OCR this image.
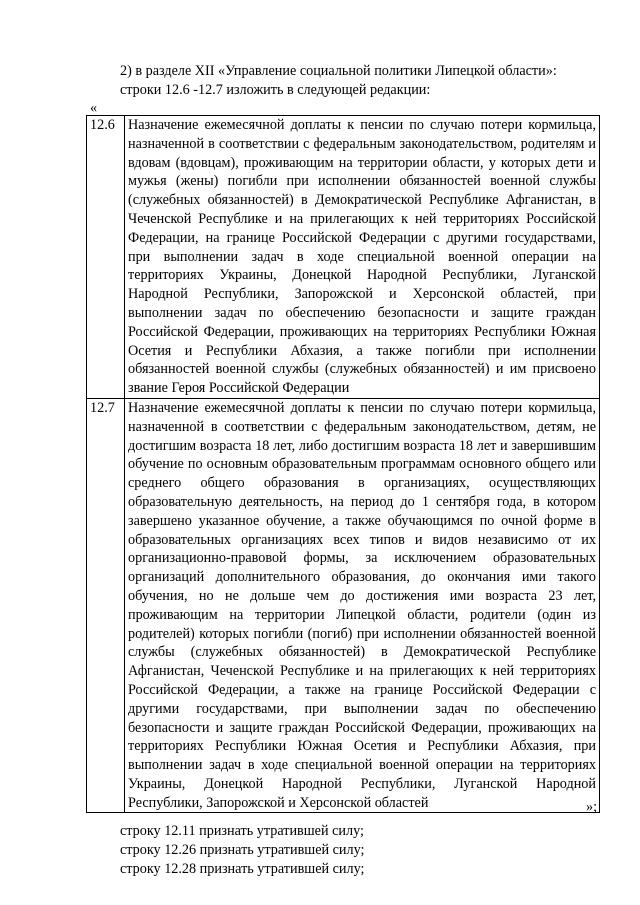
2) в разделе XII «Управление социальной политики Липецкой области»:

строки 12.6 -12.7 изложить в следующей редакции:

«
12.6	Назначение ежемесячной доплаты к пенсии по случаю потери кормильца, назначенной в соответствии с федеральным законодательством, родителям и вдовам (вдовцам), проживающим на территории области, у которых дети и мужья (жены) погибли при исполнении обязанностей военной службы (служебных обязанностей) в Демократической Республике Афганистан, в Чеченской Республике и на прилегающих к ней территориях Российской Федерации, на границе Российской Федерации с другими государствами, при выполнении задач в ходе специальной военной операции на территориях Украины, Донецкой Народной Республики, Луганской Народной Республики, Запорожской и Херсонской областей, при выполнении задач по обеспечению безопасности и защите граждан Российской Федерации, проживающих на территориях Республики Южная Осетия и Республики Абхазия, а также погибли при исполнении обязанностей военной службы (служебных обязанностей) и им присвоено звание Героя Российской Федерации
12.7	Назначение ежемесячной доплаты к пенсии по случаю потери кормильца, назначенной в соответствии с федеральным законодательством, детям, не достигшим возраста 18 лет, либо достигшим возраста 18 лет и завершившим обучение по основным образовательным программам основного общего или среднего общего образования в организациях, осуществляющих образовательную деятельность, на период до 1 сентября года, в котором завершено указанное обучение, а также обучающимся по очной форме в образовательных организациях всех типов и видов независимо от их организационно-правовой формы, за исключением образовательных организаций дополнительного образования, до окончания ими такого обучения, но не дольше чем до достижения ими возраста 23 лет, проживающим на территории Липецкой области, родители (один из родителей) которых погибли (погиб) при исполнении обязанностей военной службы (служебных обязанностей) в Демократической Республике Афганистан, Чеченской Республике и на прилегающих к ней территориях Российской Федерации, а также на границе Российской Федерации с другими государствами, при выполнении задач по обеспечению безопасности и защите граждан Российской Федерации, проживающих на территориях Республики Южная Осетия и Республики Абхазия, при выполнении задач в ходе специальной военной операции на территориях Украины, Донецкой Народной Республики, Луганской Народной Республики, Запорожской и Херсонской областей	»;

строку 12.11 признать утратившей силу;

строку 12.26 признать утратившей силу;

строку 12.28 признать утратившей силу;
